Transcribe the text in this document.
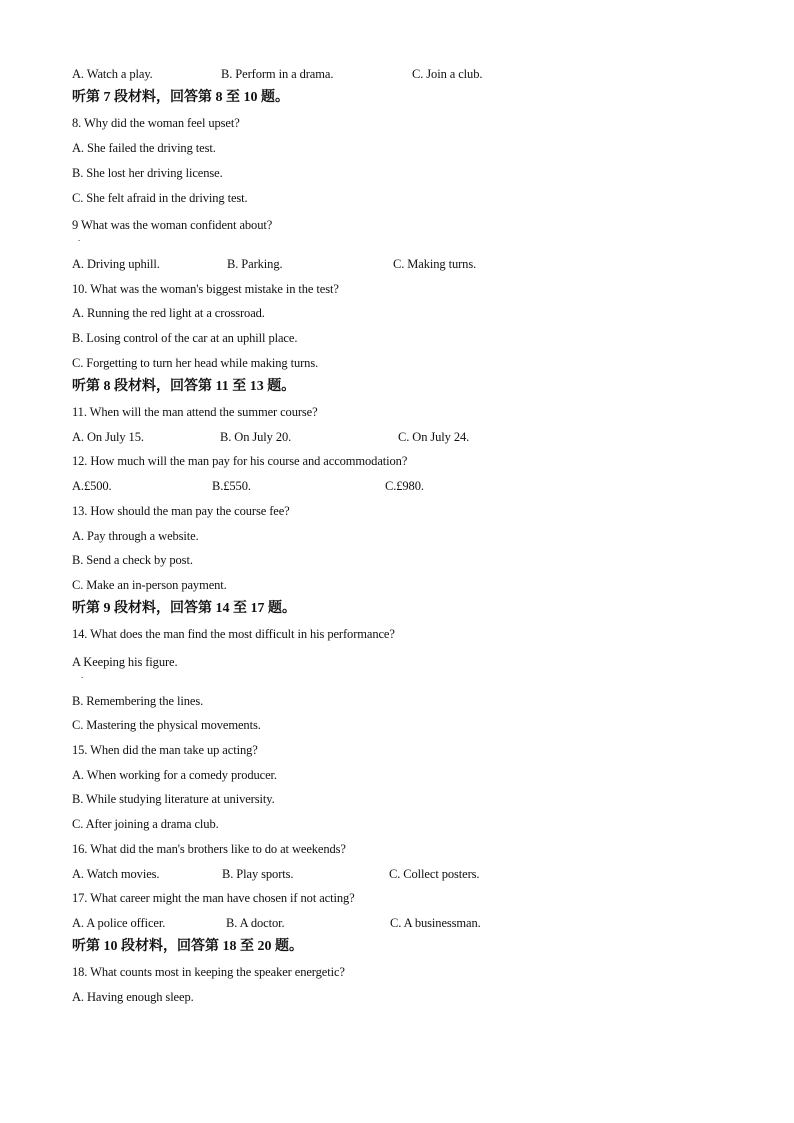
A. Watch a play.	B. Perform in a drama.	C. Join a club.
听第 7 段材料，回答第 8 至 10 题。
8. Why did the woman feel upset?
A. She failed the driving test.
B. She lost her driving license.
C. She felt afraid in the driving test.
9 What was the woman confident about?
.
A. Driving uphill.	B. Parking.	C. Making turns.
10. What was the woman's biggest mistake in the test?
A. Running the red light at a crossroad.
B. Losing control of the car at an uphill place.
C. Forgetting to turn her head while making turns.
听第 8 段材料，回答第 11 至 13 题。
11. When will the man attend the summer course?
A. On July 15.	B. On July 20.	C. On July 24.
12. How much will the man pay for his course and accommodation?
A.£500.	B.£550.	C.£980.
13. How should the man pay the course fee?
A. Pay through a website.
B. Send a check by post.
C. Make an in-person payment.
听第 9 段材料，回答第 14 至 17 题。
14. What does the man find the most difficult in his performance?
A Keeping his figure.
.
B. Remembering the lines.
C. Mastering the physical movements.
15. When did the man take up acting?
A. When working for a comedy producer.
B. While studying literature at university.
C. After joining a drama club.
16. What did the man's brothers like to do at weekends?
A. Watch movies.	B. Play sports.	C. Collect posters.
17. What career might the man have chosen if not acting?
A. A police officer.	B. A doctor.	C. A businessman.
听第 10 段材料，回答第 18 至 20 题。
18. What counts most in keeping the speaker energetic?
A. Having enough sleep.
